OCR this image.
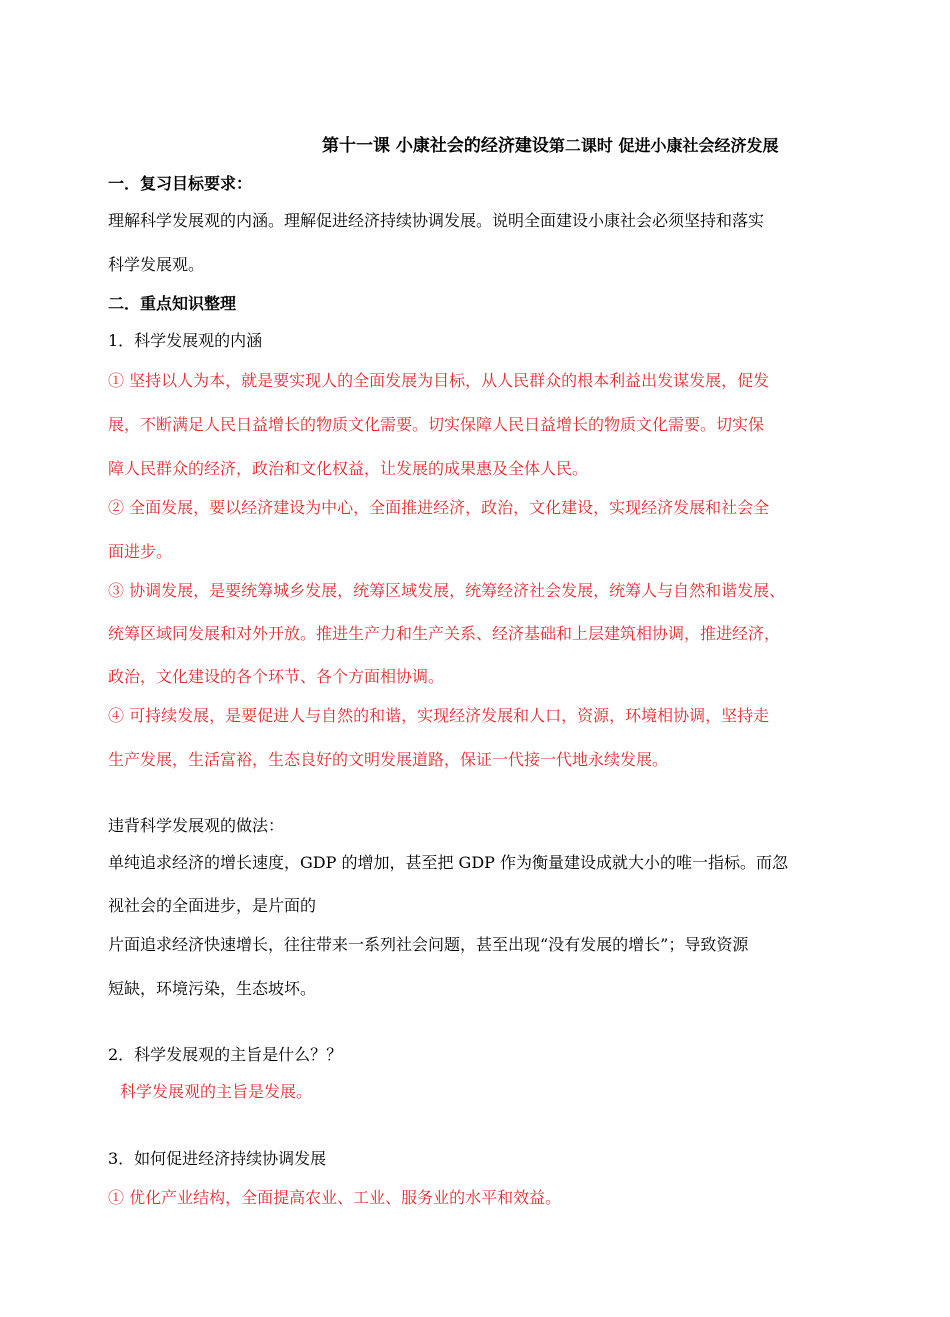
第十一课 小康社会的经济建设第二课时 促进小康社会经济发展
一．复习目标要求：
理解科学发展观的内涵。理解促进经济持续协调发展。说明全面建设小康社会必须坚持和落实
科学发展观。
二．重点知识整理
1．科学发展观的内涵
① 坚持以人为本，就是要实现人的全面发展为目标，从人民群众的根本利益出发谋发展，促发
展，不断满足人民日益增长的物质文化需要。切实保障人民日益增长的物质文化需要。切实保
障人民群众的经济，政治和文化权益，让发展的成果惠及全体人民。
② 全面发展，要以经济建设为中心，全面推进经济，政治，文化建设，实现经济发展和社会全
面进步。
③ 协调发展，是要统筹城乡发展，统筹区域发展，统筹经济社会发展，统筹人与自然和谐发展、
统筹区域同发展和对外开放。推进生产力和生产关系、经济基础和上层建筑相协调，推进经济，
政治，文化建设的各个环节、各个方面相协调。
④ 可持续发展，是要促进人与自然的和谐，实现经济发展和人口，资源，环境相协调，坚持走
生产发展，生活富裕，生态良好的文明发展道路，保证一代接一代地永续发展。
违背科学发展观的做法：
单纯追求经济的增长速度，GDP 的增加，甚至把 GDP 作为衡量建设成就大小的唯一指标。而忽
视社会的全面进步，是片面的
片面追求经济快速增长，往往带来一系列社会问题，甚至出现“没有发展的增长”；导致资源
短缺，环境污染，生态坡坏。
2．科学发展观的主旨是什么？？
科学发展观的主旨是发展。
3．如何促进经济持续协调发展
① 优化产业结构，全面提高农业、工业、服务业的水平和效益。
